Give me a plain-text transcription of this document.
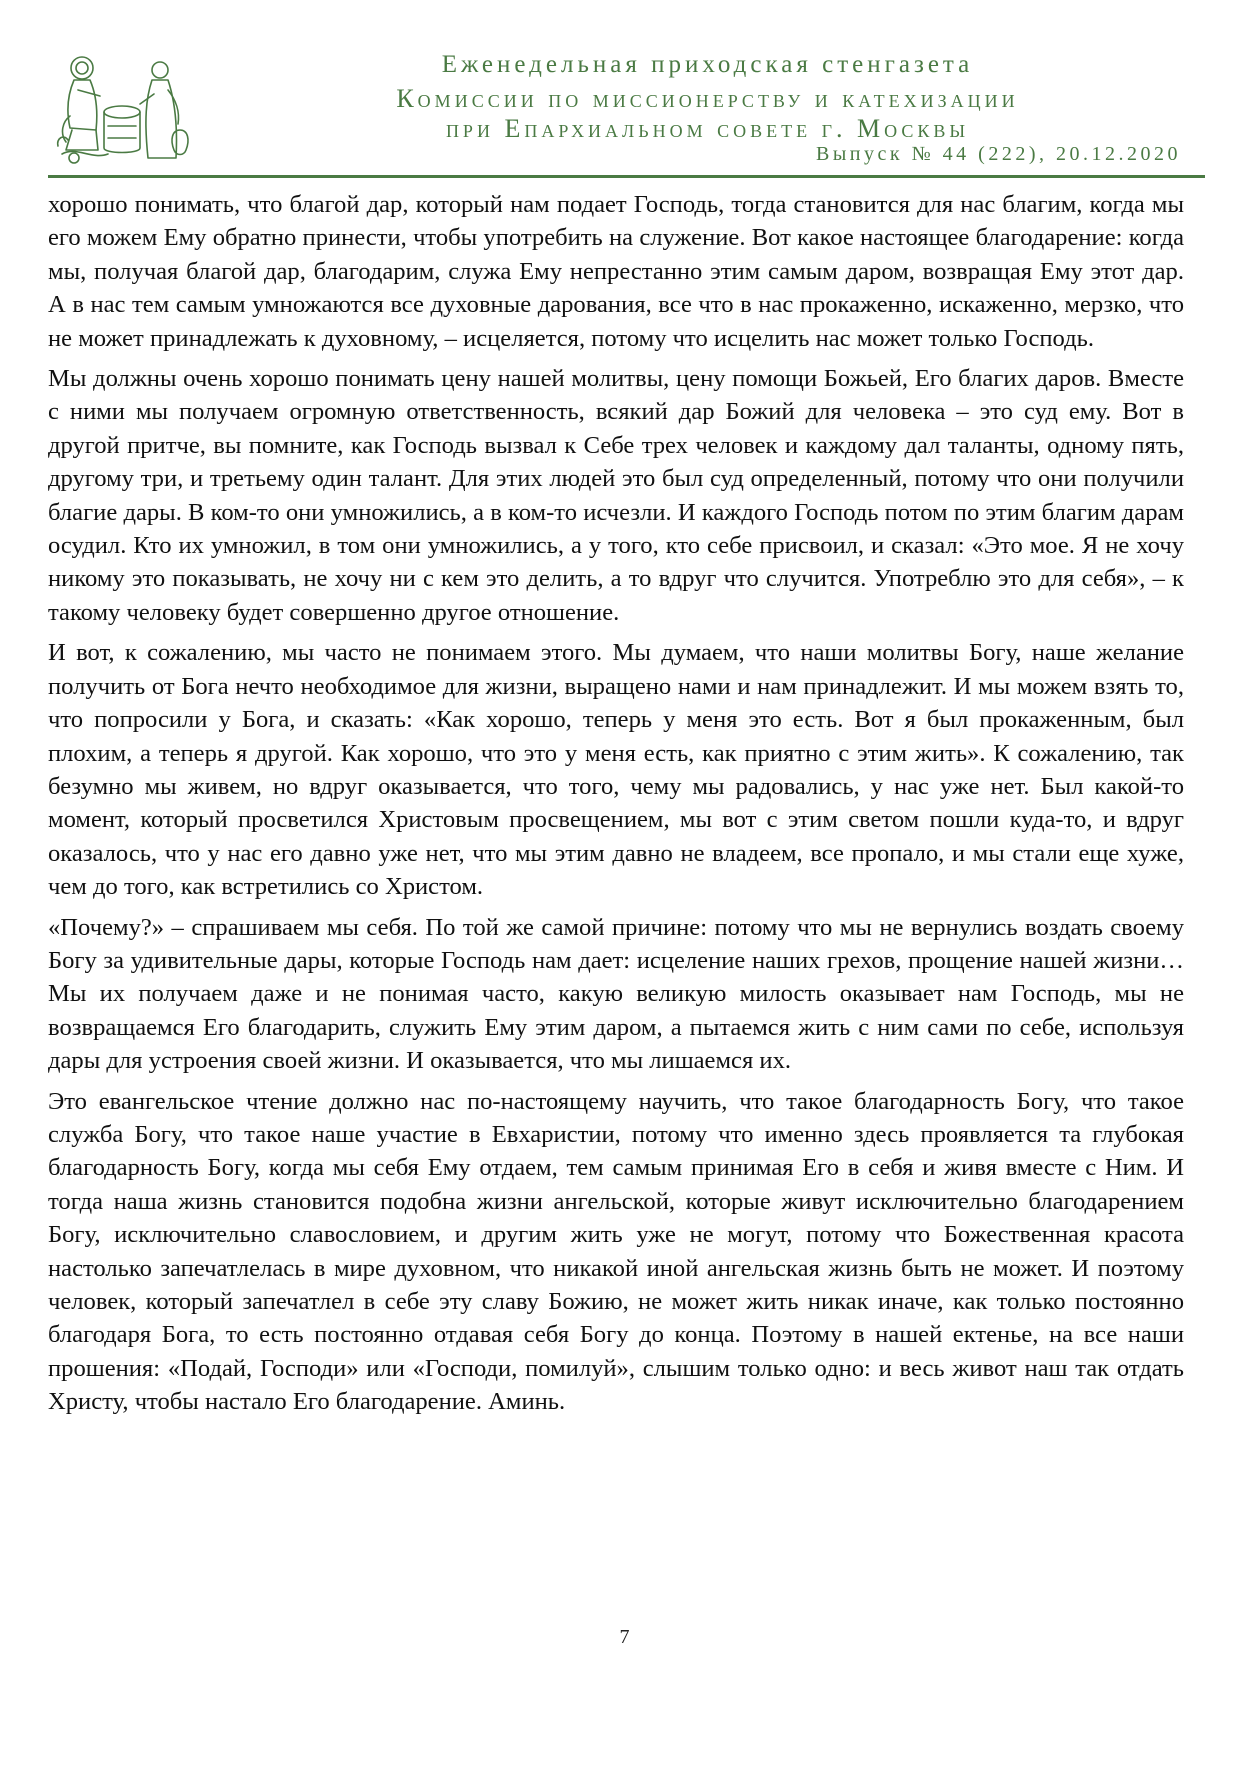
Еженедельная приходская стенгазета
Комиссии по миссионерству и катехизации
при Епархиальном совете г. Москвы
Выпуск № 44 (222), 20.12.2020

хорошо понимать, что благой дар, который нам подает Господь, тогда становится для нас благим, когда мы его можем Ему обратно принести, чтобы употребить на служение. Вот какое настоящее благодарение: когда мы, получая благой дар, благодарим, служа Ему непрестанно этим самым даром, возвращая Ему этот дар. А в нас тем самым умножаются все духовные дарования, все что в нас прокаженно, искаженно, мерзко, что не может принадлежать к духовному, – исцеляется, потому что исцелить нас может только Господь.

Мы должны очень хорошо понимать цену нашей молитвы, цену помощи Божьей, Его благих даров. Вместе с ними мы получаем огромную ответственность, всякий дар Божий для человека – это суд ему. Вот в другой притче, вы помните, как Господь вызвал к Себе трех человек и каждому дал таланты, одному пять, другому три, и третьему один талант. Для этих людей это был суд определенный, потому что они получили благие дары. В ком-то они умножились, а в ком-то исчезли. И каждого Господь потом по этим благим дарам осудил. Кто их умножил, в том они умножились, а у того, кто себе присвоил, и сказал: «Это мое. Я не хочу никому это показывать, не хочу ни с кем это делить, а то вдруг что случится. Употреблю это для себя», – к такому человеку будет совершенно другое отношение.

И вот, к сожалению, мы часто не понимаем этого. Мы думаем, что наши молитвы Богу, наше желание получить от Бога нечто необходимое для жизни, выращено нами и нам принадлежит. И мы можем взять то, что попросили у Бога, и сказать: «Как хорошо, теперь у меня это есть. Вот я был прокаженным, был плохим, а теперь я другой. Как хорошо, что это у меня есть, как приятно с этим жить». К сожалению, так безумно мы живем, но вдруг оказывается, что того, чему мы радовались, у нас уже нет. Был какой-то момент, который просветился Христовым просвещением, мы вот с этим светом пошли куда-то, и вдруг оказалось, что у нас его давно уже нет, что мы этим давно не владеем, все пропало, и мы стали еще хуже, чем до того, как встретились со Христом.

«Почему?» – спрашиваем мы себя. По той же самой причине: потому что мы не вернулись воздать своему Богу за удивительные дары, которые Господь нам дает: исцеление наших грехов, прощение нашей жизни… Мы их получаем даже и не понимая часто, какую великую милость оказывает нам Господь, мы не возвращаемся Его благодарить, служить Ему этим даром, а пытаемся жить с ним сами по себе, используя дары для устроения своей жизни. И оказывается, что мы лишаемся их.

Это евангельское чтение должно нас по-настоящему научить, что такое благодарность Богу, что такое служба Богу, что такое наше участие в Евхаристии, потому что именно здесь проявляется та глубокая благодарность Богу, когда мы себя Ему отдаем, тем самым принимая Его в себя и живя вместе с Ним. И тогда наша жизнь становится подобна жизни ангельской, которые живут исключительно благодарением Богу, исключительно славословием, и другим жить уже не могут, потому что Божественная красота настолько запечатлелась в мире духовном, что никакой иной ангельская жизнь быть не может. И поэтому человек, который запечатлел в себе эту славу Божию, не может жить никак иначе, как только постоянно благодаря Бога, то есть постоянно отдавая себя Богу до конца. Поэтому в нашей ектенье, на все наши прошения: «Подай, Господи» или «Господи, помилуй», слышим только одно: и весь живот наш так отдать Христу, чтобы настало Его благодарение. Аминь.

7
